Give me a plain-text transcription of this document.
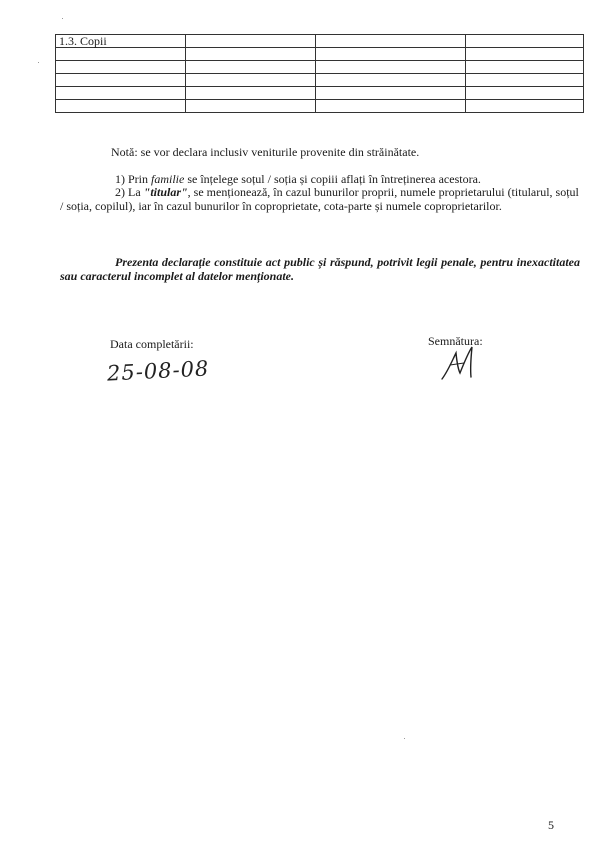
1.3. Copii			

Notă: se vor declara inclusiv veniturile provenite din străinătate.
1) Prin familie se înțelege soțul / soția și copiii aflați în întreținerea acestora.
2) La "titular", se menționează, în cazul bunurilor proprii, numele proprietarului (titularul, soțul / soția, copilul), iar în cazul bunurilor în coproprietate, cota-parte și numele coproprietarilor.
Prezenta declarație constituie act public și răspund, potrivit legii penale, pentru inexactitatea sau caracterul incomplet al datelor menționate.
Data completării:
25-08-08
Semnătura:
5
